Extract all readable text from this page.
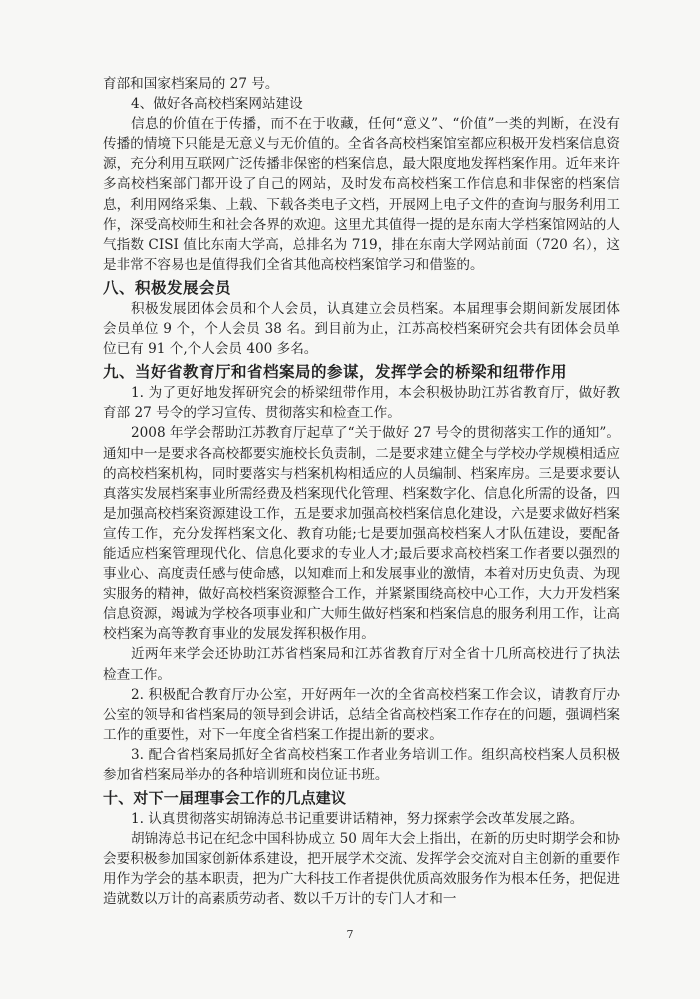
育部和国家档案局的 27 号。

4、做好各高校档案网站建设

信息的价值在于传播，而不在于收藏，任何“意义”、“价值”一类的判断，在没有传播的情境下只能是无意义与无价值的。全省各高校档案馆室都应积极开发档案信息资源，充分利用互联网广泛传播非保密的档案信息，最大限度地发挥档案作用。近年来许多高校档案部门都开设了自己的网站，及时发布高校档案工作信息和非保密的档案信息，利用网络采集、上载、下载各类电子文档，开展网上电子文件的查询与服务利用工作，深受高校师生和社会各界的欢迎。这里尤其值得一提的是东南大学档案馆网站的人气指数 CISI 值比东南大学高，总排名为 719，排在东南大学网站前面（720 名），这是非常不容易也是值得我们全省其他高校档案馆学习和借鉴的。

八、积极发展会员

积极发展团体会员和个人会员，认真建立会员档案。本届理事会期间新发展团体会员单位 9 个，个人会员 38 名。到目前为止，江苏高校档案研究会共有团体会员单位已有 91 个,个人会员 400 多名。

九、当好省教育厅和省档案局的参谋，发挥学会的桥梁和纽带作用

1. 为了更好地发挥研究会的桥梁纽带作用，本会积极协助江苏省教育厅，做好教育部 27 号令的学习宣传、贯彻落实和检查工作。

2008 年学会帮助江苏教育厅起草了“关于做好 27 号令的贯彻落实工作的通知”。通知中一是要求各高校都要实施校长负责制，二是要求建立健全与学校办学规模相适应的高校档案机构，同时要落实与档案机构相适应的人员编制、档案库房。三是要求要认真落实发展档案事业所需经费及档案现代化管理、档案数字化、信息化所需的设备，四是加强高校档案资源建设工作，五是要求加强高校档案信息化建设，六是要求做好档案宣传工作，充分发挥档案文化、教育功能;七是要加强高校档案人才队伍建设，要配备能适应档案管理现代化、信息化要求的专业人才;最后要求高校档案工作者要以强烈的事业心、高度责任感与使命感，以知难而上和发展事业的激情，本着对历史负责、为现实服务的精神，做好高校档案资源整合工作，并紧紧围绕高校中心工作，大力开发档案信息资源，竭诚为学校各项事业和广大师生做好档案和档案信息的服务利用工作，让高校档案为高等教育事业的发展发挥积极作用。

近两年来学会还协助江苏省档案局和江苏省教育厅对全省十几所高校进行了执法检查工作。

2. 积极配合教育厅办公室，开好两年一次的全省高校档案工作会议，请教育厅办公室的领导和省档案局的领导到会讲话，总结全省高校档案工作存在的问题，强调档案工作的重要性，对下一年度全省档案工作提出新的要求。

3. 配合省档案局抓好全省高校档案工作者业务培训工作。组织高校档案人员积极参加省档案局举办的各种培训班和岗位证书班。

十、对下一届理事会工作的几点建议

1. 认真贯彻落实胡锦涛总书记重要讲话精神，努力探索学会改革发展之路。

胡锦涛总书记在纪念中国科协成立 50 周年大会上指出，在新的历史时期学会和协会要积极参加国家创新体系建设，把开展学术交流、发挥学会交流对自主创新的重要作用作为学会的基本职责，把为广大科技工作者提供优质高效服务作为根本任务，把促进造就数以万计的高素质劳动者、数以千万计的专门人才和一

7
